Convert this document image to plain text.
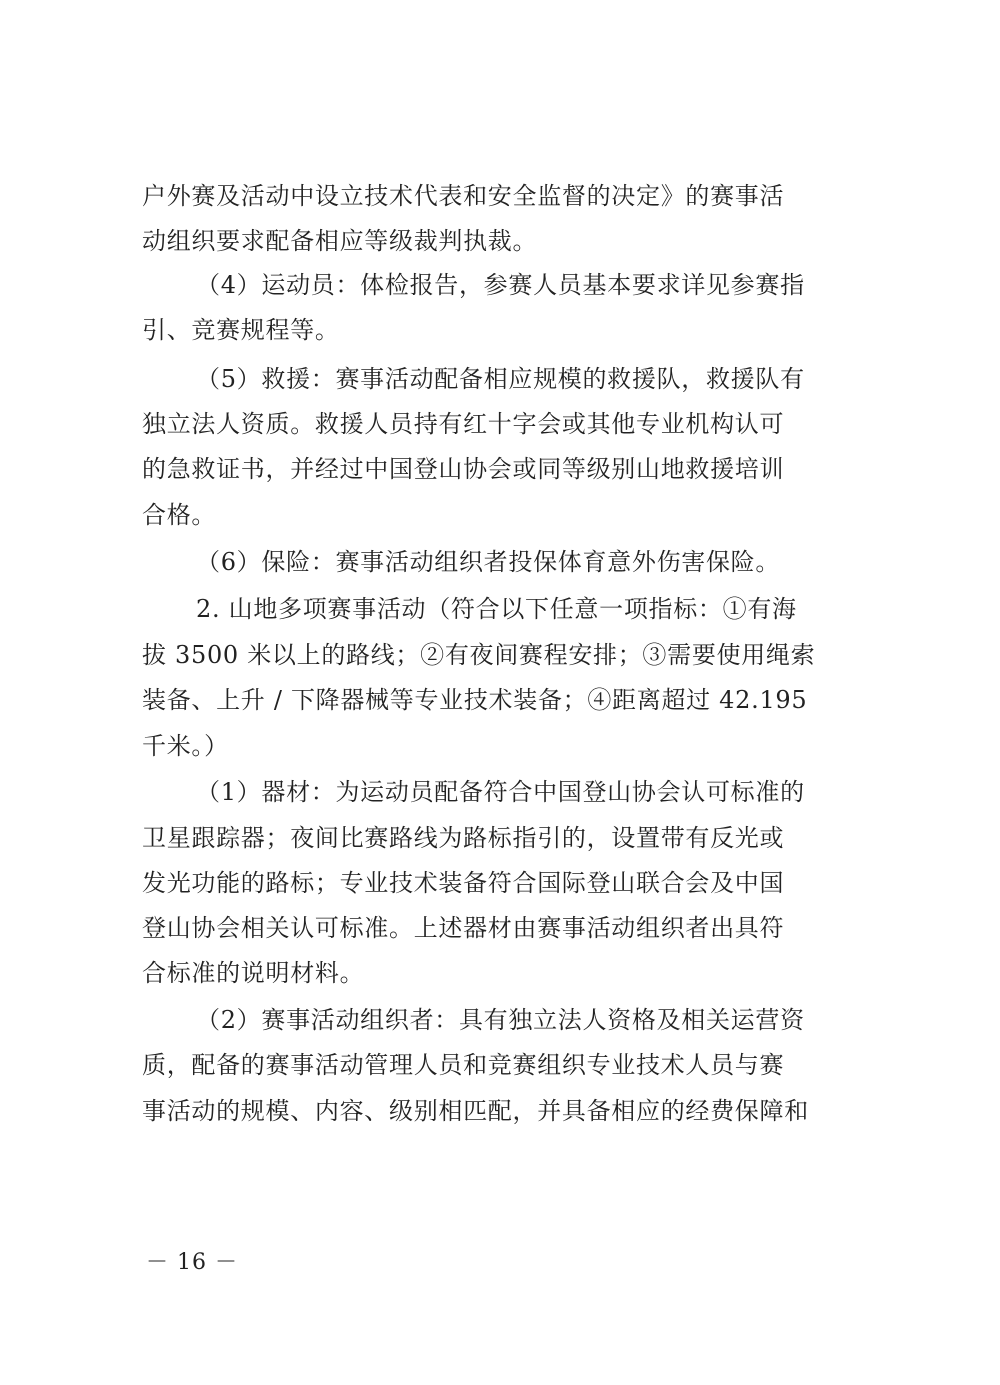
户外赛及活动中设立技术代表和安全监督的决定》的赛事活
动组织要求配备相应等级裁判执裁。
（4）运动员：体检报告，参赛人员基本要求详见参赛指
引、竞赛规程等。
（5）救援：赛事活动配备相应规模的救援队，救援队有
独立法人资质。救援人员持有红十字会或其他专业机构认可
的急救证书，并经过中国登山协会或同等级别山地救援培训
合格。
（6）保险：赛事活动组织者投保体育意外伤害保险。
2. 山地多项赛事活动（符合以下任意一项指标：①有海
拔 3500 米以上的路线；②有夜间赛程安排；③需要使用绳索
装备、上升 / 下降器械等专业技术装备；④距离超过 42.195
千米。）
（1）器材：为运动员配备符合中国登山协会认可标准的
卫星跟踪器；夜间比赛路线为路标指引的，设置带有反光或
发光功能的路标；专业技术装备符合国际登山联合会及中国
登山协会相关认可标准。上述器材由赛事活动组织者出具符
合标准的说明材料。
（2）赛事活动组织者：具有独立法人资格及相关运营资
质，配备的赛事活动管理人员和竞赛组织专业技术人员与赛
事活动的规模、内容、级别相匹配，并具备相应的经费保障和
－ 16 －
